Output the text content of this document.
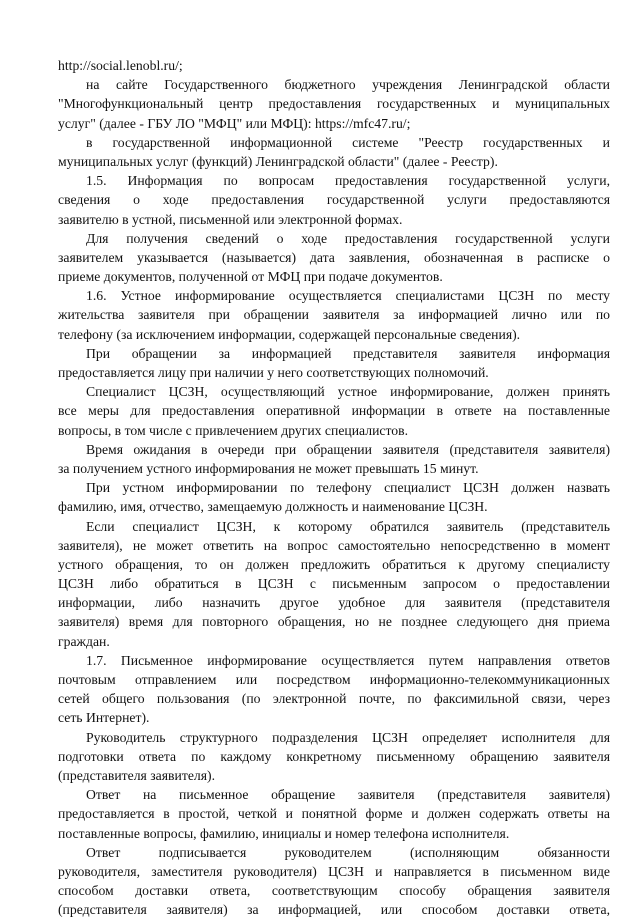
http://social.lenobl.ru/;
на сайте Государственного бюджетного учреждения Ленинградской области
"Многофункциональный центр предоставления государственных и муниципальных
услуг" (далее - ГБУ ЛО "МФЦ" или МФЦ): https://mfc47.ru/;
в государственной информационной системе "Реестр государственных и
муниципальных услуг (функций) Ленинградской области" (далее - Реестр).
1.5. Информация по вопросам предоставления государственной услуги,
сведения о ходе предоставления государственной услуги предоставляются
заявителю в устной, письменной или электронной формах.
Для получения сведений о ходе предоставления государственной услуги
заявителем указывается (называется) дата заявления, обозначенная в расписке о
приеме документов, полученной от МФЦ при подаче документов.
1.6. Устное информирование осуществляется специалистами ЦСЗН по месту
жительства заявителя при обращении заявителя за информацией лично или по
телефону (за исключением информации, содержащей персональные сведения).
При обращении за информацией представителя заявителя информация
предоставляется лицу при наличии у него соответствующих полномочий.
Специалист ЦСЗН, осуществляющий устное информирование, должен принять
все меры для предоставления оперативной информации в ответе на поставленные
вопросы, в том числе с привлечением других специалистов.
Время ожидания в очереди при обращении заявителя (представителя заявителя)
за получением устного информирования не может превышать 15 минут.
При устном информировании по телефону специалист ЦСЗН должен назвать
фамилию, имя, отчество, замещаемую должность и наименование ЦСЗН.
Если специалист ЦСЗН, к которому обратился заявитель (представитель
заявителя), не может ответить на вопрос самостоятельно непосредственно в момент
устного обращения, то он должен предложить обратиться к другому специалисту
ЦСЗН либо обратиться в ЦСЗН с письменным запросом о предоставлении
информации, либо назначить другое удобное для заявителя (представителя
заявителя) время для повторного обращения, но не позднее следующего дня приема
граждан.
1.7. Письменное информирование осуществляется путем направления ответов
почтовым отправлением или посредством информационно-телекоммуникационных
сетей общего пользования (по электронной почте, по факсимильной связи, через
сеть Интернет).
Руководитель структурного подразделения ЦСЗН определяет исполнителя для
подготовки ответа по каждому конкретному письменному обращению заявителя
(представителя заявителя).
Ответ на письменное обращение заявителя (представителя заявителя)
предоставляется в простой, четкой и понятной форме и должен содержать ответы на
поставленные вопросы, фамилию, инициалы и номер телефона исполнителя.
Ответ подписывается руководителем (исполняющим обязанности
руководителя, заместителя руководителя) ЦСЗН и направляется в письменном виде
способом доставки ответа, соответствующим способу обращения заявителя
(представителя заявителя) за информацией, или способом доставки ответа,
